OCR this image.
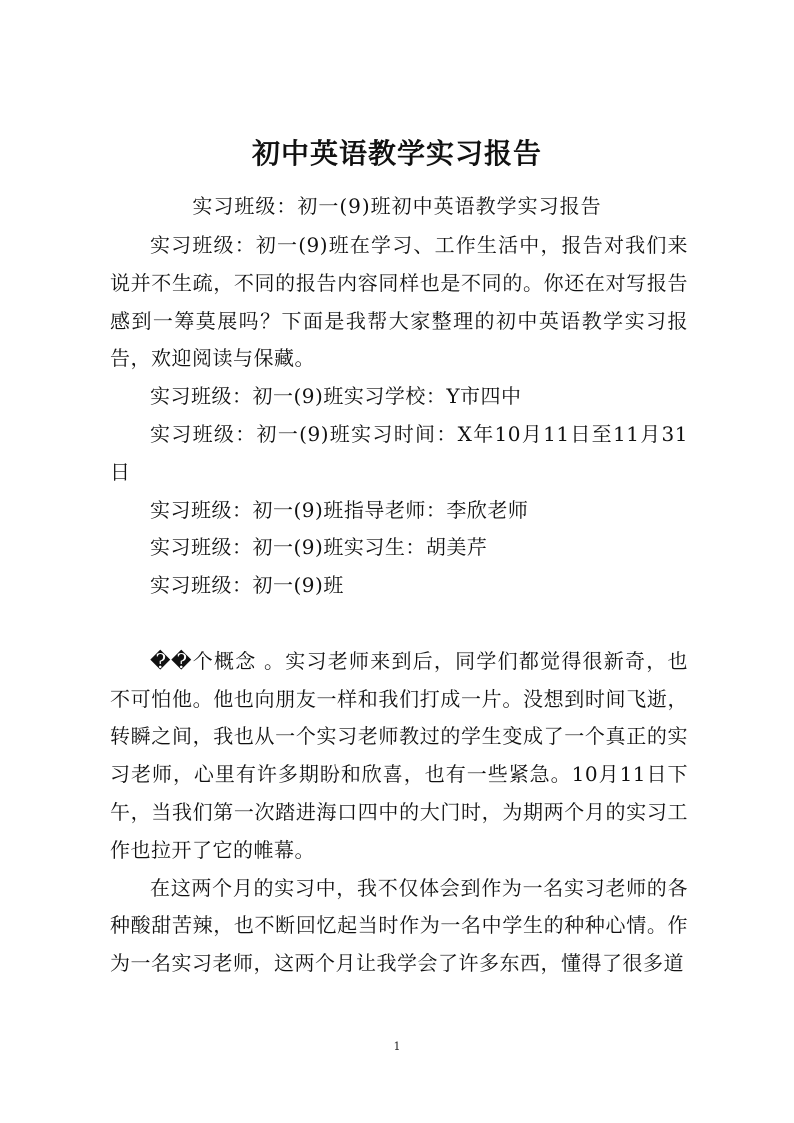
初中英语教学实习报告
实习班级：初一(9)班初中英语教学实习报告

实习班级：初一(9)班在学习、工作生活中，报告对我们来说并不生疏，不同的报告内容同样也是不同的。你还在对写报告感到一筹莫展吗？下面是我帮大家整理的初中英语教学实习报告，欢迎阅读与保藏。

实习班级：初一(9)班实习学校：Y市四中

实习班级：初一(9)班实习时间：X年10月11日至11月31日

实习班级：初一(9)班指导老师：李欣老师

实习班级：初一(9)班实习生：胡美芹

实习班级：初一(9)班

��个概念 。实习老师来到后，同学们都觉得很新奇，也不可怕他。他也向朋友一样和我们打成一片。没想到时间飞逝，转瞬之间，我也从一个实习老师教过的学生变成了一个真正的实习老师，心里有许多期盼和欣喜，也有一些紧急。10月11日下午，当我们第一次踏进海口四中的大门时，为期两个月的实习工作也拉开了它的帷幕。

在这两个月的实习中，我不仅体会到作为一名实习老师的各种酸甜苦辣，也不断回忆起当时作为一名中学生的种种心情。作为一名实习老师，这两个月让我学会了许多东西，懂得了很多道

1
